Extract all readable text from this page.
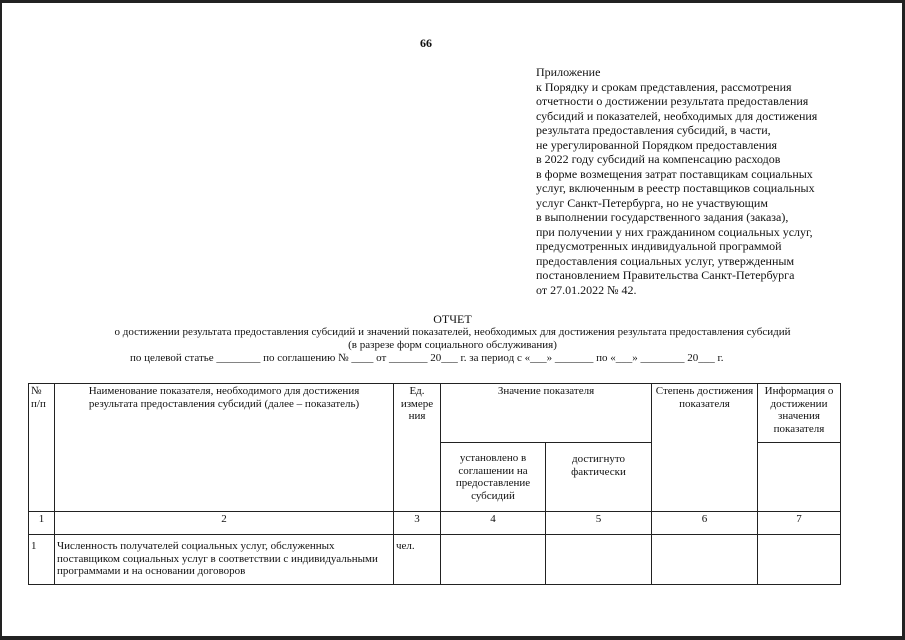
66
Приложение
к Порядку и срокам представления, рассмотрения
отчетности о достижении результата предоставления
субсидий и показателей, необходимых для достижения
результата предоставления субсидий, в части,
не урегулированной Порядком предоставления
в 2022 году субсидий на компенсацию расходов
в форме возмещения затрат поставщикам социальных
услуг, включенным в реестр поставщиков социальных
услуг Санкт-Петербурга, но не участвующим
в выполнении государственного задания (заказа),
при получении у них гражданином социальных услуг,
предусмотренных индивидуальной программой
предоставления социальных услуг, утвержденным
постановлением Правительства Санкт-Петербурга
от 27.01.2022 № 42.
ОТЧЕТ
о достижении результата предоставления субсидий и значений показателей, необходимых для достижения результата предоставления субсидий
(в разрезе форм социального обслуживания)
по целевой статье ________ по соглашению № ____ от _______ 20___ г. за период с «___» _______ по «___» ________ 20___ г.
№ п/п	Наименование показателя, необходимого для достижения результата предоставления субсидий (далее – показатель)	Ед. измере ния	Значение показателя		Степень достижения показателя	Информация о достижении значения показателя
			установлено в соглашении на предоставление субсидий	достигнуто фактически		
1	2	3	4	5	6	7
1	Численность получателей социальных услуг, обслуженных поставщиком социальных услуг в соответствии с индивидуальными программами и на основании договоров	чел.				
